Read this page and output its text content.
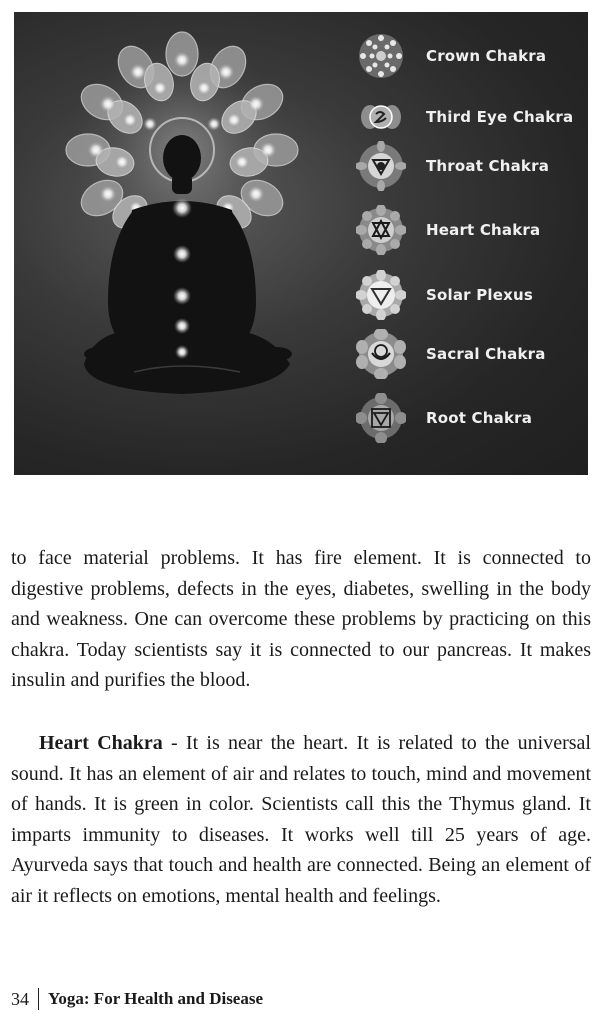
Crown Chakra
Third Eye Chakra
Throat Chakra
Heart Chakra
Solar Plexus
Sacral Chakra
Root Chakra

to face material problems. It has fire element. It is connected to digestive problems, defects in the eyes, diabetes, swelling in the body and weakness. One can overcome these problems by practicing on this chakra. Today scientists say it is connected to our pancreas. It makes insulin and purifies the blood.

Heart Chakra - It is near the heart. It is related to the universal sound. It has an element of air and relates to touch, mind and movement of hands. It is green in color. Scientists call this the Thymus gland. It imparts immunity to diseases. It works well till 25 years of age. Ayurveda says that touch and health are connected. Being an element of air it reflects on emotions, mental health and feelings.

34 Yoga: For Health and Disease
